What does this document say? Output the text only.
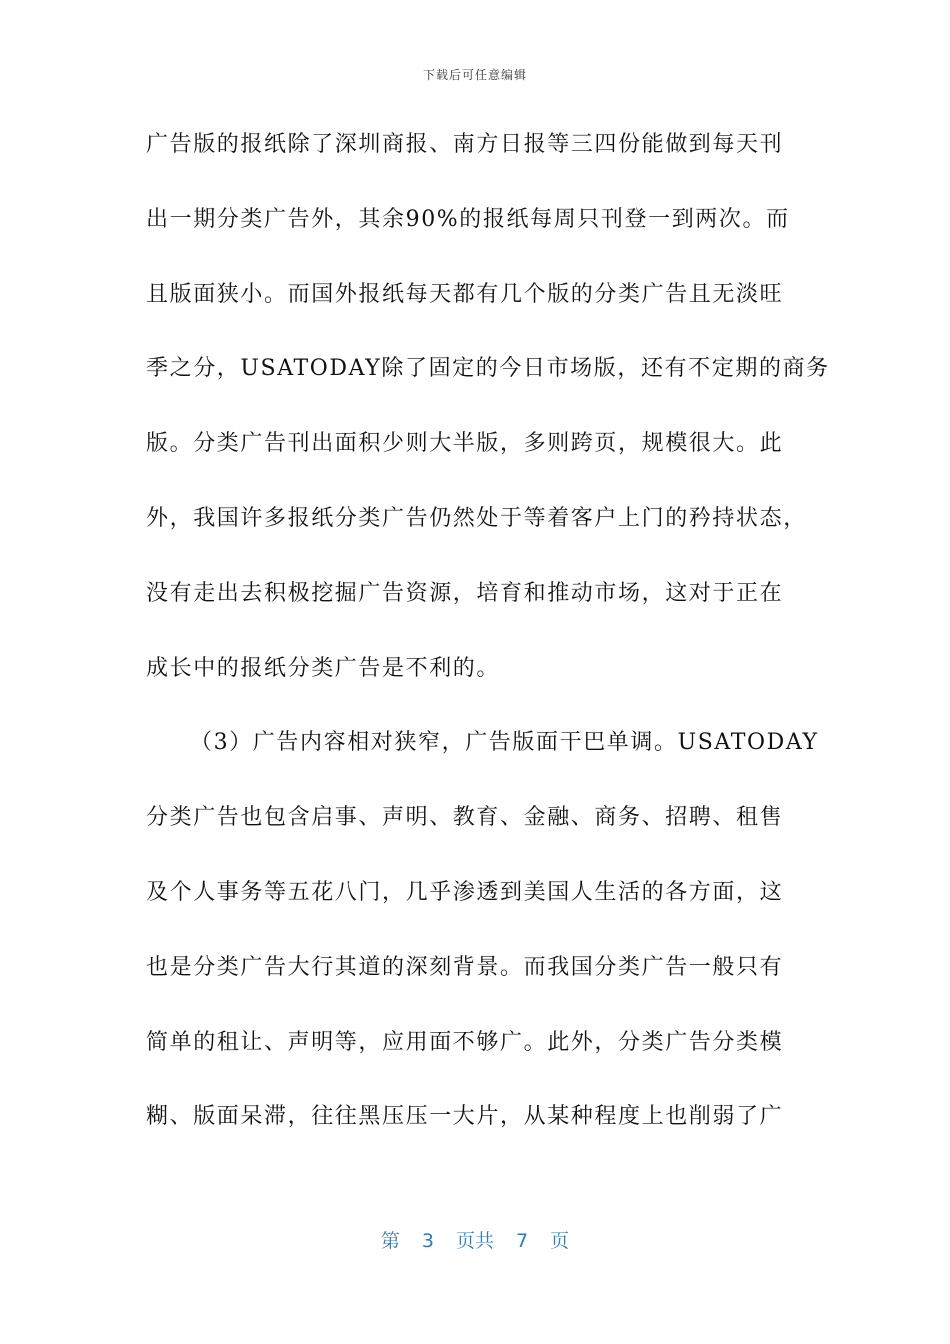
下载后可任意编辑
广告版的报纸除了深圳商报、南方日报等三四份能做到每天刊
出一期分类广告外，其余90%的报纸每周只刊登一到两次。而
且版面狭小。而国外报纸每天都有几个版的分类广告且无淡旺
季之分，USATODAY除了固定的今日市场版，还有不定期的商务
版。分类广告刊出面积少则大半版，多则跨页，规模很大。此
外，我国许多报纸分类广告仍然处于等着客户上门的矜持状态，
没有走出去积极挖掘广告资源，培育和推动市场，这对于正在
成长中的报纸分类广告是不利的。
（3）广告内容相对狭窄，广告版面干巴单调。USATODAY
分类广告也包含启事、声明、教育、金融、商务、招聘、租售
及个人事务等五花八门，几乎渗透到美国人生活的各方面，这
也是分类广告大行其道的深刻背景。而我国分类广告一般只有
简单的租让、声明等，应用面不够广。此外，分类广告分类模
糊、版面呆滞，往往黑压压一大片，从某种程度上也削弱了广
第 3 页共 7 页
